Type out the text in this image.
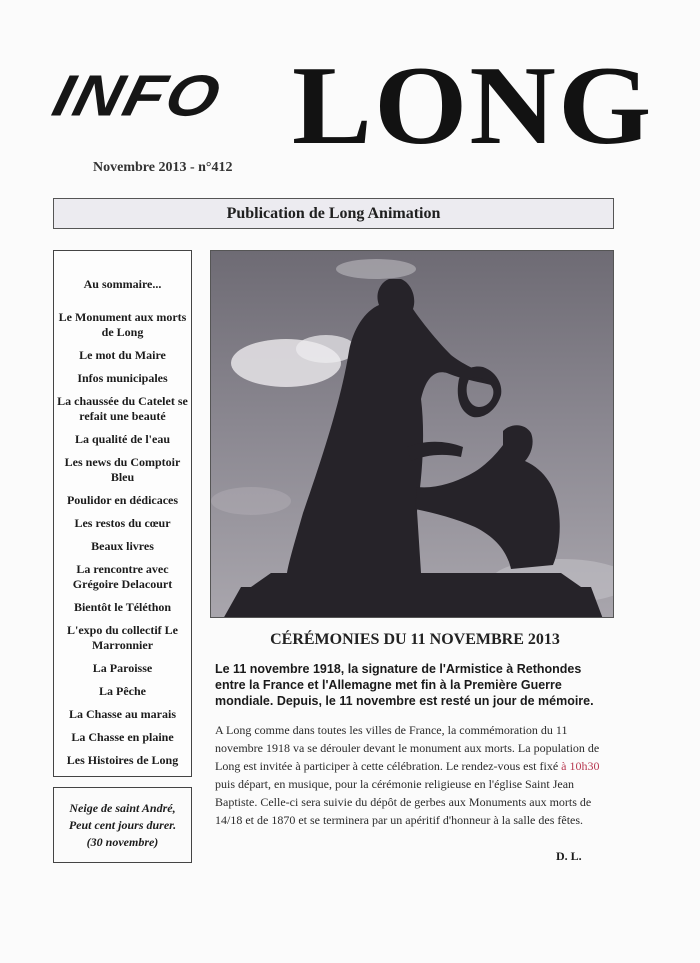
INFO LONG
Novembre 2013 - n°412
Publication de Long Animation
Au sommaire...
Le Monument aux morts de Long
Le mot du Maire
Infos municipales
La chaussée du Catelet se refait une beauté
La qualité de l'eau
Les news du Comptoir Bleu
Poulidor en dédicaces
Les restos du cœur
Beaux livres
La rencontre avec Grégoire Delacourt
Bientôt le Téléthon
L'expo du collectif Le Marronnier
La Paroisse
La Pêche
La Chasse au marais
La Chasse en plaine
Les Histoires de Long
Neige de saint André,
Peut cent jours durer.
(30 novembre)
CÉRÉMONIES DU 11 NOVEMBRE 2013
Le 11 novembre 1918, la signature de l'Armistice à Rethondes entre la France et l'Allemagne met fin à la Première Guerre mondiale. Depuis, le 11 novembre est resté un jour de mémoire.
A Long comme dans toutes les villes de France, la commémoration du 11 novembre 1918 va se dérouler devant le monument aux morts. La population de Long est invitée à participer à cette célébration. Le rendez-vous est fixé à 10h30 puis départ, en musique, pour la cérémonie religieuse en l'église Saint Jean Baptiste. Celle-ci sera suivie du dépôt de gerbes aux Monuments aux morts de 14/18 et de 1870 et se terminera par un apéritif d'honneur à la salle des fêtes.
D. L.
